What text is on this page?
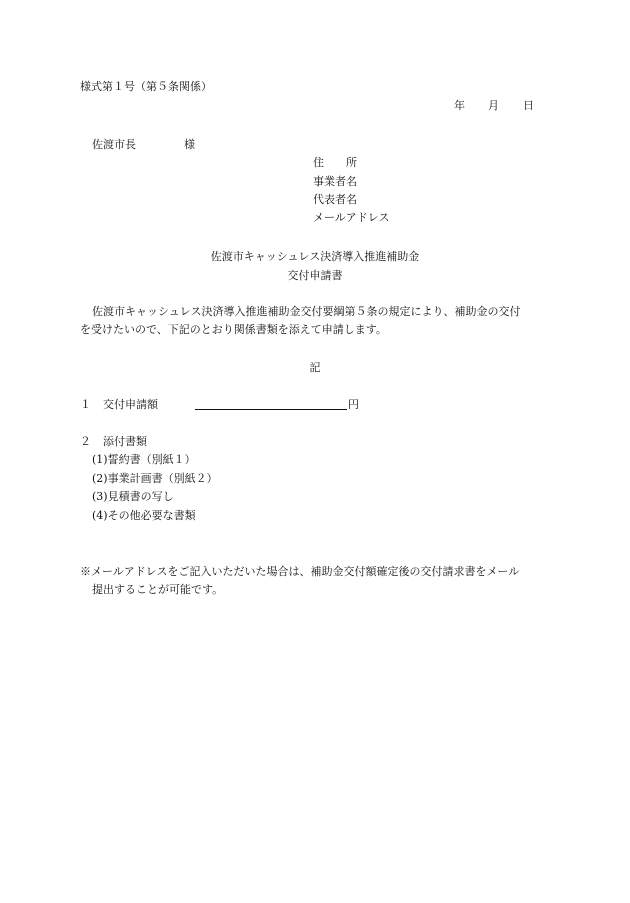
様式第１号（第５条関係）
年 月 日
佐渡市長	様
住　　所
事業者名
代表者名
メールアドレス
佐渡市キャッシュレス決済導入推進補助金
交付申請書
佐渡市キャッシュレス決済導入推進補助金交付要綱第５条の規定により、補助金の交付
を受けたいので、下記のとおり関係書類を添えて申請します。
記
１ 交付申請額	円
２ 添付書類
(1)誓約書（別紙１）
(2)事業計画書（別紙２）
(3)見積書の写し
(4)その他必要な書類
※メールアドレスをご記入いただいた場合は、補助金交付額確定後の交付請求書をメール
提出することが可能です。
